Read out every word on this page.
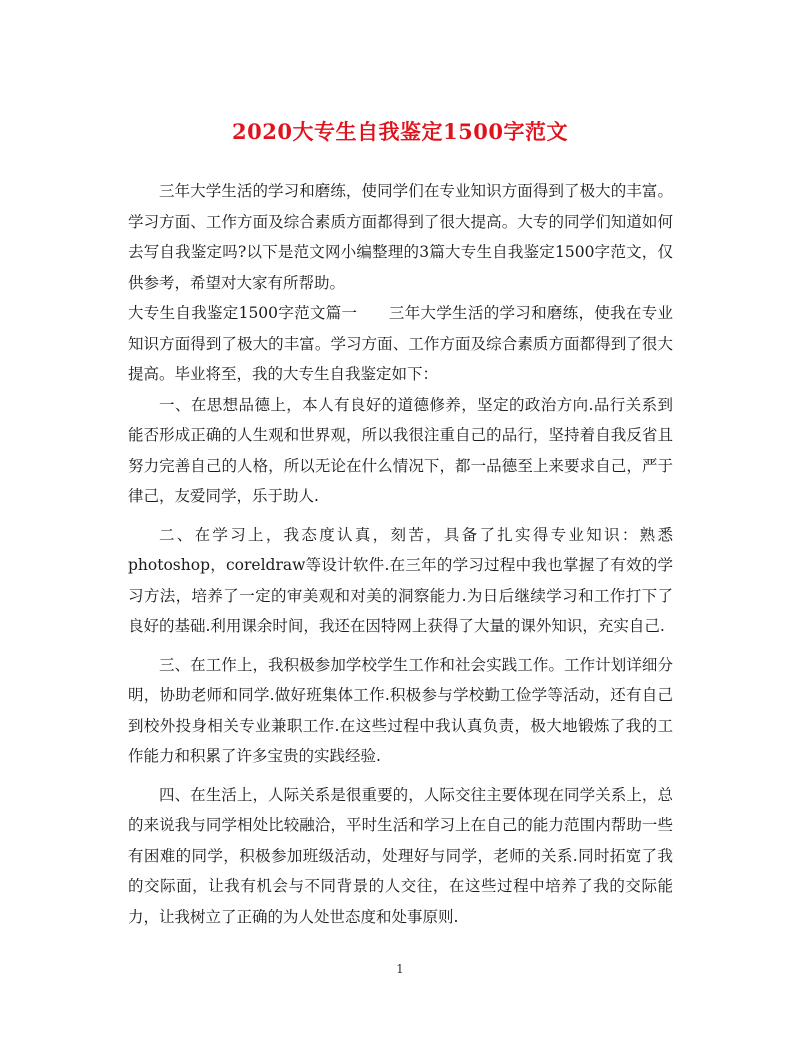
2020大专生自我鉴定1500字范文

三年大学生活的学习和磨练，使同学们在专业知识方面得到了极大的丰富。学习方面、工作方面及综合素质方面都得到了很大提高。大专的同学们知道如何去写自我鉴定吗?以下是范文网小编整理的3篇大专生自我鉴定1500字范文，仅供参考，希望对大家有所帮助。

大专生自我鉴定1500字范文篇一　　三年大学生活的学习和磨练，使我在专业知识方面得到了极大的丰富。学习方面、工作方面及综合素质方面都得到了很大提高。毕业将至，我的大专生自我鉴定如下：

一、在思想品德上，本人有良好的道德修养，坚定的政治方向.品行关系到能否形成正确的人生观和世界观，所以我很注重自己的品行，坚持着自我反省且努力完善自己的人格，所以无论在什么情况下，都一品德至上来要求自己，严于律己，友爱同学，乐于助人.

二、在学习上，我态度认真，刻苦，具备了扎实得专业知识：熟悉photoshop，coreldraw等设计软件.在三年的学习过程中我也掌握了有效的学习方法，培养了一定的审美观和对美的洞察能力.为日后继续学习和工作打下了良好的基础.利用课余时间，我还在因特网上获得了大量的课外知识，充实自己.

三、在工作上，我积极参加学校学生工作和社会实践工作。工作计划详细分明，协助老师和同学.做好班集体工作.积极参与学校勤工俭学等活动，还有自己到校外投身相关专业兼职工作.在这些过程中我认真负责，极大地锻炼了我的工作能力和积累了许多宝贵的实践经验.

四、在生活上，人际关系是很重要的，人际交往主要体现在同学关系上，总的来说我与同学相处比较融洽，平时生活和学习上在自己的能力范围内帮助一些有困难的同学，积极参加班级活动，处理好与同学，老师的关系.同时拓宽了我的交际面，让我有机会与不同背景的人交往，在这些过程中培养了我的交际能力，让我树立了正确的为人处世态度和处事原则.

1
